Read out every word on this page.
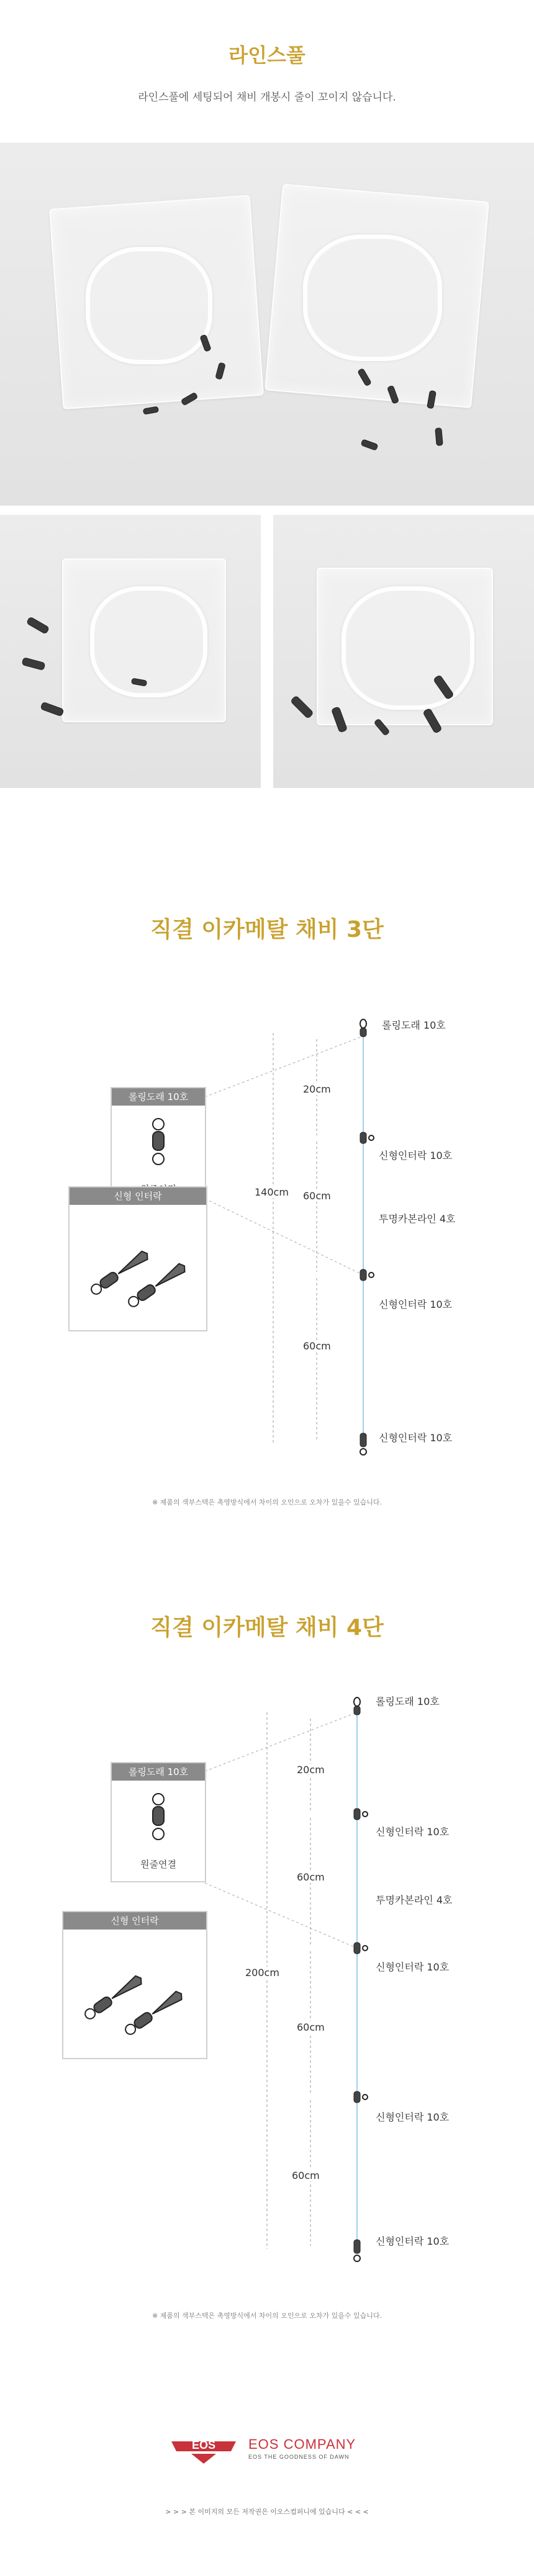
라인스풀
라인스풀에 세팅되어 채비 개봉시 줄이 꼬이지 않습니다.
직결 이카메탈 채비 3단
롤링도래 10호
신형인터락 10호
투명카본라인 4호
신형인터락 10호
신형인터락 10호
20cm
60cm
60cm
140cm
롤링도래 10호
신형 인터락
※ 제품의 색부스텍은 촉영방식에서 차이의 오인으로 오차가 있을수 있습니다.
직결 이카메탈 채비 4단
롤링도래 10호
신형인터락 10호
투명카본라인 4호
신형인터락 10호
신형인터락 10호
신형인터락 10호
20cm
60cm
60cm
60cm
200cm
롤링도래 10호
원줄연결
신형 인터락
※ 제품의 색부스텍은 촉영방식에서 차이의 오인으로 오차가 있을수 있습니다.
EOS EOS COMPANY
EOS THE GOODNESS OF DAWN
> > > 본 이미지의 모든 저작권은 이오스컴퍼니에 있습니다 < < <
